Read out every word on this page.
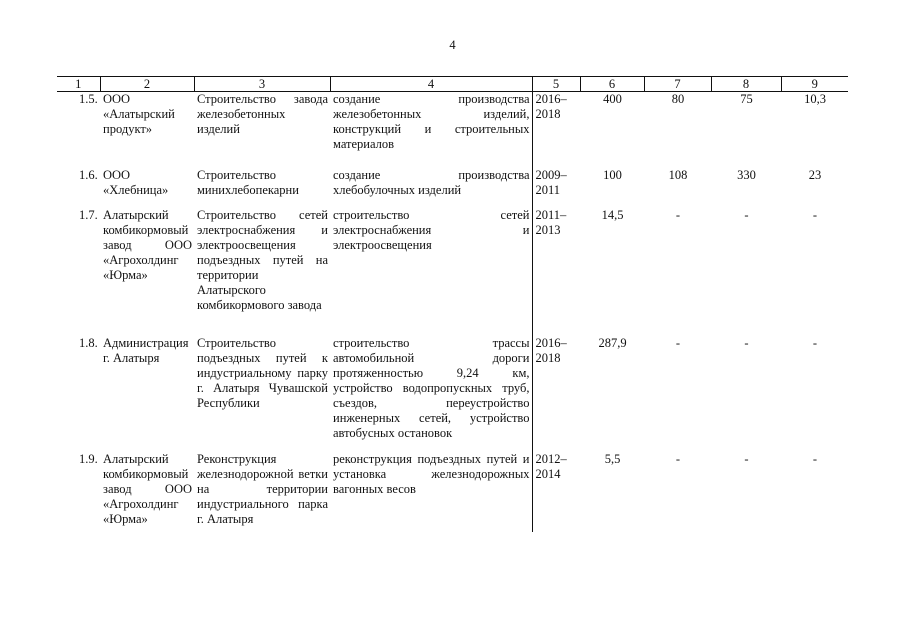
4
1	2	3	4	5	6	7	8	9
1.5.	ООО «Алатырский продукт»	Строительство завода железобетонных изделий	создание производства железобетонных изделий, конструкций и строительных материалов	2016–2018	400	80	75	10,3
1.6.	ООО «Хлебница»	Строительство минихлебопекарни	создание производства хлебобулочных изделий	2009–2011	100	108	330	23
1.7.	Алатырский комбикормовый завод ООО «Агрохолдинг «Юрма»	Строительство сетей электроснабжения и электроосвещения подъездных путей на территории Алатырского комбикормового завода	строительство сетей электроснабжения и электроосвещения	2011–2013	14,5	-	-	-
1.8.	Администрация г. Алатыря	Строительство подъездных путей к индустриальному парку г. Алатыря Чувашской Республики	строительство трассы автомобильной дороги протяженностью 9,24 км, устройство водопропускных труб, съездов, переустройство инженерных сетей, устройство автобусных остановок	2016–2018	287,9	-	-	-
1.9.	Алатырский комбикормовый завод ООО «Агрохолдинг «Юрма»	Реконструкция железнодорожной ветки на территории индустриального парка г. Алатыря	реконструкция подъездных путей и установка железнодорожных вагонных весов	2012–2014	5,5	-	-	-
